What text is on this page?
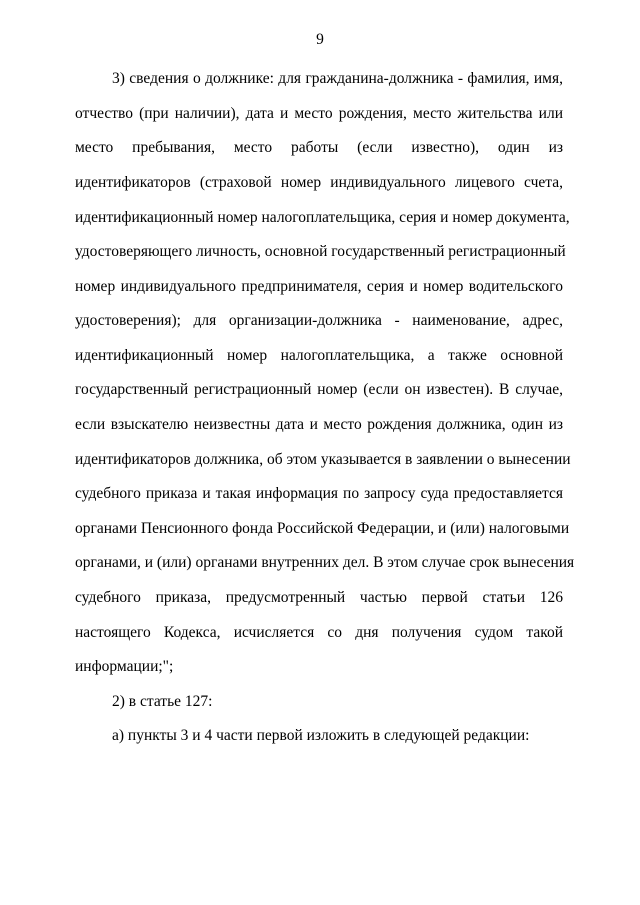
9
3) сведения о должнике: для гражданина-должника - фамилия, имя,
отчество (при наличии), дата и место рождения, место жительства или
место пребывания, место работы (если известно), один из
идентификаторов (страховой номер индивидуального лицевого счета,
идентификационный номер налогоплательщика, серия и номер документа,
удостоверяющего личность, основной государственный регистрационный
номер индивидуального предпринимателя, серия и номер водительского
удостоверения); для организации-должника - наименование, адрес,
идентификационный номер налогоплательщика, а также основной
государственный регистрационный номер (если он известен). В случае,
если взыскателю неизвестны дата и место рождения должника, один из
идентификаторов должника, об этом указывается в заявлении о вынесении
судебного приказа и такая информация по запросу суда предоставляется
органами Пенсионного фонда Российской Федерации, и (или) налоговыми
органами, и (или) органами внутренних дел. В этом случае срок вынесения
судебного приказа, предусмотренный частью первой статьи 126
настоящего Кодекса, исчисляется со дня получения судом такой
информации;";
2) в статье 127:
а) пункты 3 и 4 части первой изложить в следующей редакции:
